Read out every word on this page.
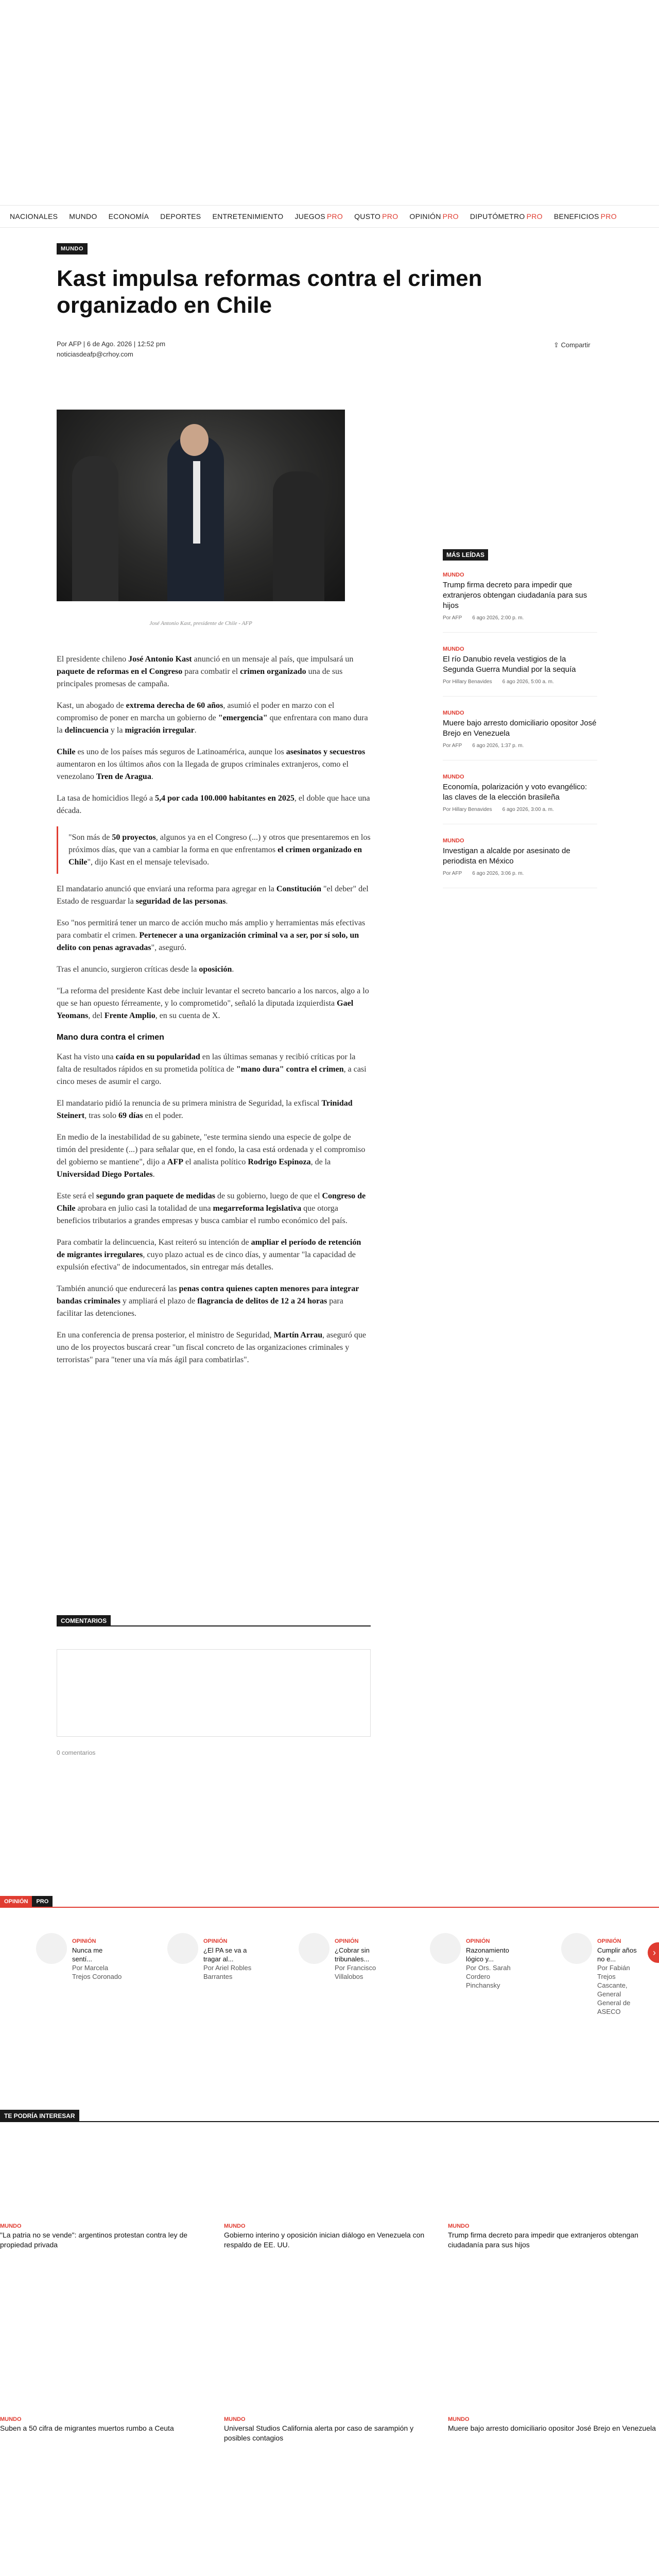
NACIONALES	MUNDO	ECONOMÍA	DEPORTES	ENTRETENIMIENTO	JUEGOS PRO	QUSTO PRO	OPINIÓN PRO	DIPUTÓMETRO PRO	BENEFICIOS PRO
MUNDO
Kast impulsa reformas contra el crimen organizado en Chile
Por AFP | 6 de Ago. 2026 | 12:52 pm
noticiasdeafp@crhoy.com
⇪ Compartir
José Antonio Kast, presidente de Chile - AFP

El presidente chileno José Antonio Kast anunció en un mensaje al país, que impulsará un paquete de reformas en el Congreso para combatir el crimen organizado una de sus principales promesas de campaña.

Kast, un abogado de extrema derecha de 60 años, asumió el poder en marzo con el compromiso de poner en marcha un gobierno de "emergencia" que enfrentara con mano dura la delincuencia y la migración irregular.

Chile es uno de los países más seguros de Latinoamérica, aunque los asesinatos y secuestros aumentaron en los últimos años con la llegada de grupos criminales extranjeros, como el venezolano Tren de Aragua.

La tasa de homicidios llegó a 5,4 por cada 100.000 habitantes en 2025, el doble que hace una década.

"Son más de 50 proyectos, algunos ya en el Congreso (...) y otros que presentaremos en los próximos días, que van a cambiar la forma en que enfrentamos el crimen organizado en Chile", dijo Kast en el mensaje televisado.

El mandatario anunció que enviará una reforma para agregar en la Constitución "el deber" del Estado de resguardar la seguridad de las personas.

Eso "nos permitirá tener un marco de acción mucho más amplio y herramientas más efectivas para combatir el crimen. Pertenecer a una organización criminal va a ser, por sí solo, un delito con penas agravadas", aseguró.

Tras el anuncio, surgieron críticas desde la oposición.

"La reforma del presidente Kast debe incluir levantar el secreto bancario a los narcos, algo a lo que se han opuesto férreamente, y lo comprometido", señaló la diputada izquierdista Gael Yeomans, del Frente Amplio, en su cuenta de X.

Mano dura contra el crimen

Kast ha visto una caída en su popularidad en las últimas semanas y recibió críticas por la falta de resultados rápidos en su prometida política de "mano dura" contra el crimen, a casi cinco meses de asumir el cargo.

El mandatario pidió la renuncia de su primera ministra de Seguridad, la exfiscal Trinidad Steinert, tras solo 69 días en el poder.

En medio de la inestabilidad de su gabinete, "este termina siendo una especie de golpe de timón del presidente (...) para señalar que, en el fondo, la casa está ordenada y el compromiso del gobierno se mantiene", dijo a AFP el analista político Rodrigo Espinoza, de la Universidad Diego Portales.

Este será el segundo gran paquete de medidas de su gobierno, luego de que el Congreso de Chile aprobara en julio casi la totalidad de una megarreforma legislativa que otorga beneficios tributarios a grandes empresas y busca cambiar el rumbo económico del país.

Para combatir la delincuencia, Kast reiteró su intención de ampliar el período de retención de migrantes irregulares, cuyo plazo actual es de cinco días, y aumentar "la capacidad de expulsión efectiva" de indocumentados, sin entregar más detalles.

También anunció que endurecerá las penas contra quienes capten menores para integrar bandas criminales y ampliará el plazo de flagrancia de delitos de 12 a 24 horas para facilitar las detenciones.

En una conferencia de prensa posterior, el ministro de Seguridad, Martín Arrau, aseguró que uno de los proyectos buscará crear "un fiscal concreto de las organizaciones criminales y terroristas" para "tener una vía más ágil para combatirlas".

MÁS LEÍDAS
MUNDO
Trump firma decreto para impedir que extranjeros obtengan ciudadanía para sus hijos
Por AFP 6 ago 2026, 2:00 p. m.
MUNDO
El río Danubio revela vestigios de la Segunda Guerra Mundial por la sequía
Por Hillary Benavides 6 ago 2026, 5:00 a. m.
MUNDO
Muere bajo arresto domiciliario opositor José Brejo en Venezuela
Por AFP 6 ago 2026, 1:37 p. m.
MUNDO
Economía, polarización y voto evangélico: las claves de la elección brasileña
Por Hillary Benavides 6 ago 2026, 3:00 a. m.
MUNDO
Investigan a alcalde por asesinato de periodista en México
Por AFP 6 ago 2026, 3:06 p. m.
COMENTARIOS
0 comentarios
OPINIÓN	PRO
OPINIÓN
Nunca me sentí...
Por Marcela Trejos Coronado
OPINIÓN
¿El PA se va a tragar al...
Por Ariel Robles Barrantes
OPINIÓN
¿Cobrar sin tribunales...
Por Francisco Villalobos
OPINIÓN
Razonamiento lógico y...
Por Ors. Sarah Cordero Pinchansky
OPINIÓN
Cumplir años no e...
Por Fabián Trejos Cascante, General General de ASECO
›
TE PODRÍA INTERESAR
MUNDO
"La patria no se vende": argentinos protestan contra ley de propiedad privada
MUNDO
Gobierno interino y oposición inician diálogo en Venezuela con respaldo de EE. UU.
MUNDO
Trump firma decreto para impedir que extranjeros obtengan ciudadanía para sus hijos
MUNDO
Suben a 50 cifra de migrantes muertos rumbo a Ceuta
MUNDO
Universal Studios California alerta por caso de sarampión y posibles contagios
MUNDO
Muere bajo arresto domiciliario opositor José Brejo en Venezuela
